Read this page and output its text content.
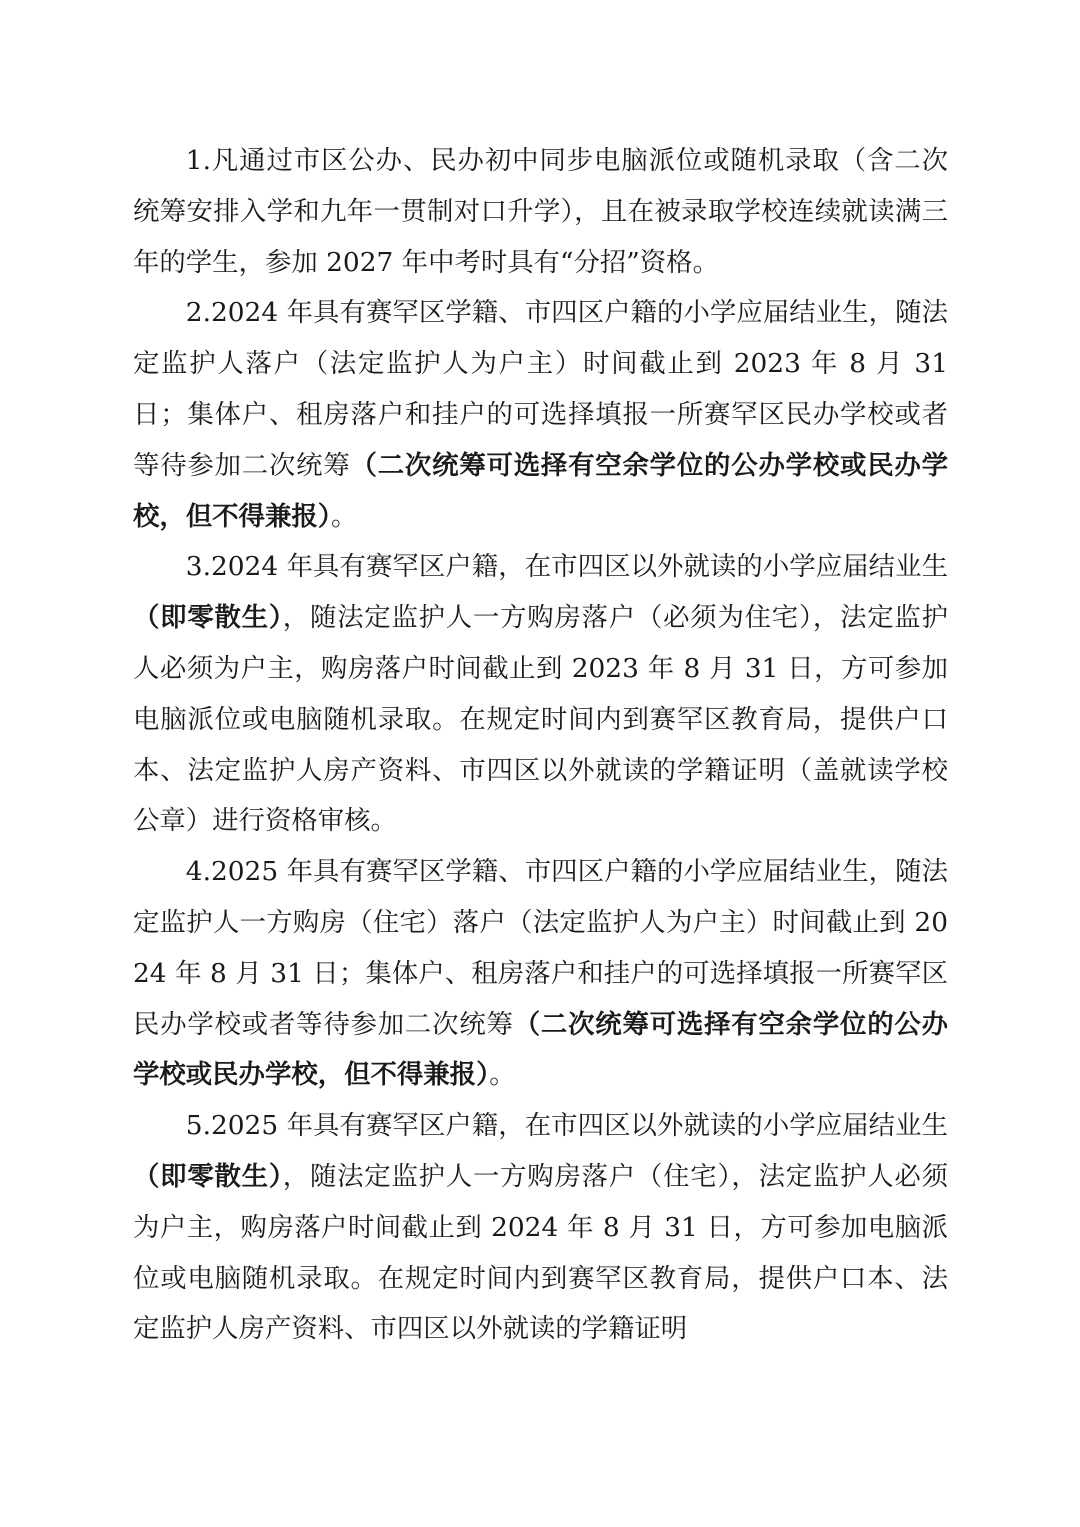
1.凡通过市区公办、民办初中同步电脑派位或随机录取（含二次统筹安排入学和九年一贯制对口升学），且在被录取学校连续就读满三年的学生，参加 2027 年中考时具有“分招”资格。

2.2024 年具有赛罕区学籍、市四区户籍的小学应届结业生，随法定监护人落户（法定监护人为户主）时间截止到 2023 年 8 月 31 日；集体户、租房落户和挂户的可选择填报一所赛罕区民办学校或者等待参加二次统筹（二次统筹可选择有空余学位的公办学校或民办学校，但不得兼报）。

3.2024 年具有赛罕区户籍，在市四区以外就读的小学应届结业生（即零散生），随法定监护人一方购房落户（必须为住宅），法定监护人必须为户主，购房落户时间截止到 2023 年 8 月 31 日，方可参加电脑派位或电脑随机录取。在规定时间内到赛罕区教育局，提供户口本、法定监护人房产资料、市四区以外就读的学籍证明（盖就读学校公章）进行资格审核。

4.2025 年具有赛罕区学籍、市四区户籍的小学应届结业生，随法定监护人一方购房（住宅）落户（法定监护人为户主）时间截止到 2024 年 8 月 31 日；集体户、租房落户和挂户的可选择填报一所赛罕区民办学校或者等待参加二次统筹（二次统筹可选择有空余学位的公办学校或民办学校，但不得兼报）。

5.2025 年具有赛罕区户籍，在市四区以外就读的小学应届结业生（即零散生），随法定监护人一方购房落户（住宅），法定监护人必须为户主，购房落户时间截止到 2024 年 8 月 31 日，方可参加电脑派位或电脑随机录取。在规定时间内到赛罕区教育局，提供户口本、法定监护人房产资料、市四区以外就读的学籍证明
